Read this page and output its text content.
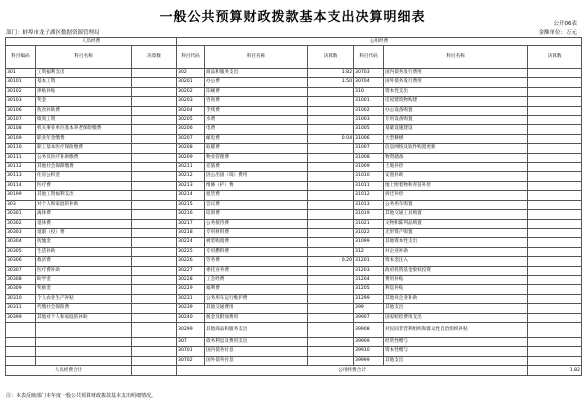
一般公共预算财政拨款基本支出决算明细表	公开06表
金额单位：万元
部门：蚌埠市龙子湖区数据资源管理局
人员经费			公用经费					
科目编码	科目名称	决算数	科目代码	科目名称	决算数	科目代码	科目名称	决算数
301	工资福利支出		302	商品和服务支出	1.82	30703	国内债务发行费用	
30101	基本工资		30201	办公费	1.50	30704	国外债务发行费用	
30102	津贴补贴		30202	印刷费		310	资本性支出	
30103	奖金		30203	咨询费		31001	房屋建筑物购建	
30106	伙食补助费		30204	手续费		31002	办公设备购置	
30107	绩效工资		30205	水费		31003	专用设备购置	
30108	机关事业单位基本养老保险缴费		30206	电费		31005	基础设施建设	
30109	职业年金缴费		30207	邮电费	0.04	31006	大型修缮	
30110	职工基本医疗保险缴费		30208	取暖费		31007	信息网络及软件购置更新	
30111	公务员医疗补助缴费		30209	物业管理费		31008	物资储备	
30112	其他社会保障缴费		30211	差旅费		31009	土地补偿	
30113	住房公积金		30212	因公出国（境）费用		31010	安置补助	
30114	医疗费		30213	维修（护）费		31011	地上附着物和青苗补偿	
30199	其他工资福利支出		30214	租赁费		31012	拆迁补偿	
303	对个人和家庭的补助		30215	会议费		31013	公务用车购置	
30301	离休费		30216	培训费		31019	其他交通工具购置	
30302	退休费		30217	公务接待费		31021	文物和陈列品购置	
30303	退职（役）费		30218	专用材料费		31022	无形资产购置	
30304	抚恤金		30224	被装购置费		31099	其他资本性支出	
30305	生活补助		30225	专用燃料费		312	对企业补助	
30306	救济费		30226	劳务费	0.20	31201	资本金注入	
30307	医疗费补助		30227	委托业务费		31203	政府投资基金股权投资	
30308	助学金		30228	工会经费		31204	费用补贴	
30309	奖励金		30229	福利费		31205	利息补贴	
30310	个人农业生产补贴		30231	公务用车运行维护费		31299	其他对企业补助	
30311	代缴社会保险费		30239	其他交通费用		399	其他支出	
30399	其他对个人和家庭的补助		30240	税金及附加费用		39907	国家赔偿费用支出	
			30299	其他商品和服务支出		39908	对民间非营利组织和群众性自治组织补贴	
			307	债务利息及费用支出		39909	经常性赠与	
			30701	国内债务付息		39910	资本性赠与	
			30702	国外债务付息		39999	其他支出	
人员经费合计			公用经费合计					1.82
注：本表反映部门本年度一般公共预算财政拨款基本支出明细情况。
